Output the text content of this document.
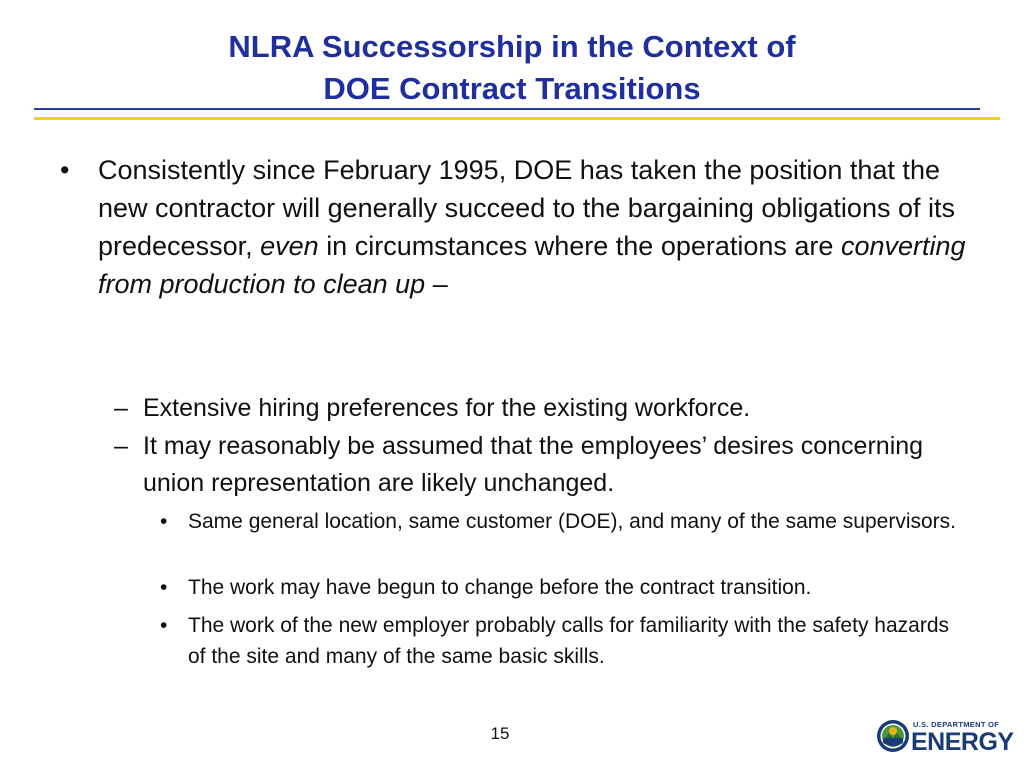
NLRA Successorship in the Context of
DOE Contract Transitions
• Consistently since February 1995, DOE has taken the position that the new contractor will generally succeed to the bargaining obligations of its predecessor, even in circumstances where the operations are converting from production to clean up –
– Extensive hiring preferences for the existing workforce.
– It may reasonably be assumed that the employees’ desires concerning union representation are likely unchanged.
• Same general location, same customer (DOE), and many of the same supervisors.
• The work may have begun to change before the contract transition.
• The work of the new employer probably calls for familiarity with the safety hazards of the site and many of the same basic skills.
15	U.S. DEPARTMENT OF
ENERGY
